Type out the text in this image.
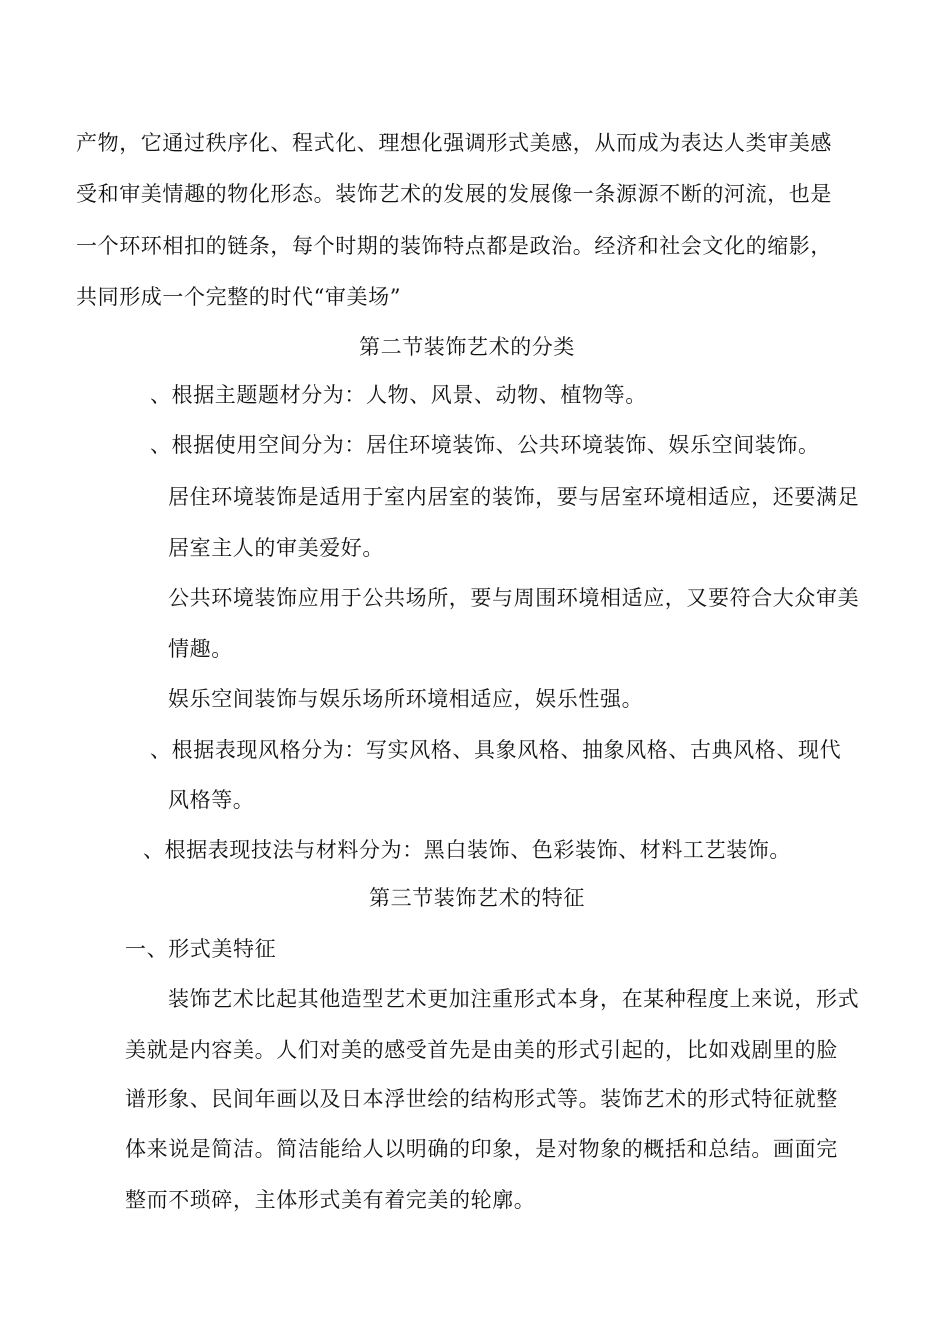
产物，它通过秩序化、程式化、理想化强调形式美感，从而成为表达人类审美感
受和审美情趣的物化形态。装饰艺术的发展的发展像一条源源不断的河流，也是
一个环环相扣的链条，每个时期的装饰特点都是政治。经济和社会文化的缩影，
共同形成一个完整的时代“审美场”
第二节装饰艺术的分类
、根据主题题材分为：人物、风景、动物、植物等。
、根据使用空间分为：居住环境装饰、公共环境装饰、娱乐空间装饰。
居住环境装饰是适用于室内居室的装饰，要与居室环境相适应，还要满足
居室主人的审美爱好。
公共环境装饰应用于公共场所，要与周围环境相适应，又要符合大众审美
情趣。
娱乐空间装饰与娱乐场所环境相适应，娱乐性强。
、根据表现风格分为：写实风格、具象风格、抽象风格、古典风格、现代
风格等。
、根据表现技法与材料分为：黑白装饰、色彩装饰、材料工艺装饰。
第三节装饰艺术的特征
一、形式美特征
装饰艺术比起其他造型艺术更加注重形式本身，在某种程度上来说，形式
美就是内容美。人们对美的感受首先是由美的形式引起的，比如戏剧里的脸
谱形象、民间年画以及日本浮世绘的结构形式等。装饰艺术的形式特征就整
体来说是简洁。简洁能给人以明确的印象，是对物象的概括和总结。画面完
整而不琐碎，主体形式美有着完美的轮廓。
